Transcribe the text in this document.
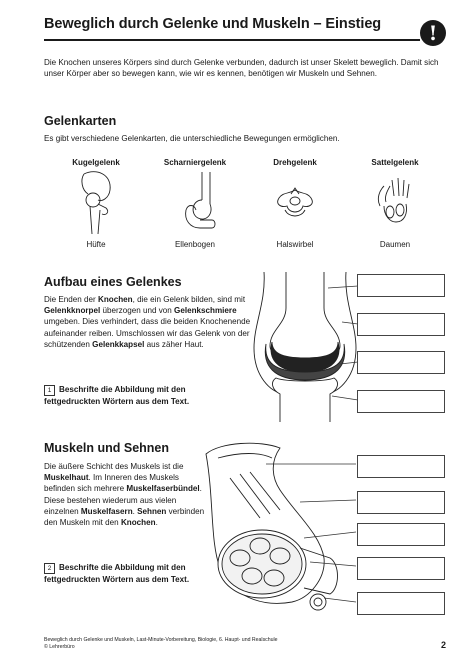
Beweglich durch Gelenke und Muskeln – Einstieg	!
Die Knochen unseres Körpers sind durch Gelenke verbunden, dadurch ist unser Skelett beweglich. Damit sich unser Körper aber so bewegen kann, wie wir es kennen, benötigen wir Muskeln und Sehnen.
Gelenkarten
Es gibt verschiedene Gelenkarten, die unterschiedliche Bewegungen ermöglichen.
Kugelgelenk	Scharniergelenk	Drehgelenk	Sattelgelenk
Hüfte	Ellenbogen	Halswirbel	Daumen
Aufbau eines Gelenkes
Die Enden der Knochen, die ein Gelenk bilden, sind mit Gelenkknorpel überzogen und von Gelenkschmiere umgeben. Dies verhindert, dass die beiden Knochenende aufeinander reiben. Umschlossen wir das Gelenk von der schützenden Gelenkkapsel aus zäher Haut.
1 Beschrifte die Abbildung mit den fettgedruckten Wörtern aus dem Text.
Muskeln und Sehnen
Die äußere Schicht des Muskels ist die Muskelhaut. Im Inneren des Muskels befinden sich mehrere Muskelfaserbündel. Diese bestehen wiederum aus vielen einzelnen Muskelfasern. Sehnen verbinden den Muskeln mit den Knochen.
2 Beschrifte die Abbildung mit den fettgedruckten Wörtern aus dem Text.
Beweglich durch Gelenke und Muskeln, Last-Minute-Vorbereitung, Biologie, 6. Haupt- und Realschule
© Lehrerbüro	2
